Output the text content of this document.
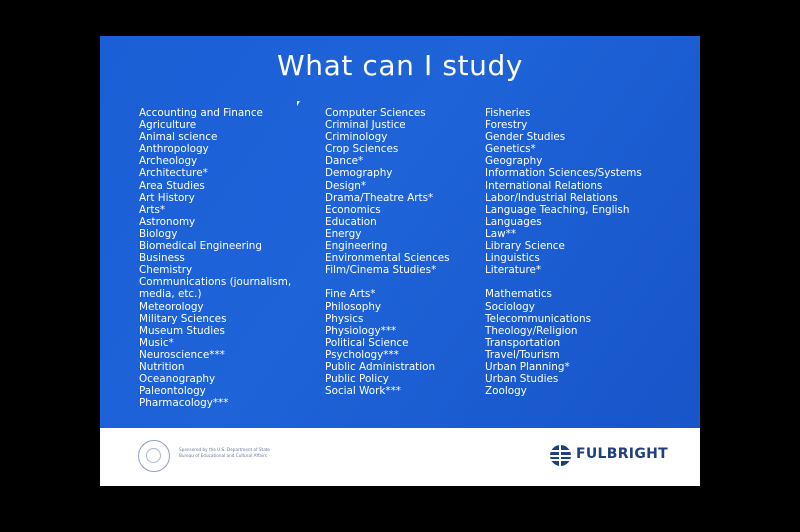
What can I study
Accounting and Finance
Agriculture
Animal science
Anthropology
Archeology
Architecture*
Area Studies
Art History
Arts*
Astronomy
Biology
Biomedical Engineering
Business
Chemistry
Communications (journalism,
media, etc.)
Meteorology
Military Sciences
Museum Studies
Music*
Neuroscience***
Nutrition
Oceanography
Paleontology
Pharmacology***
Computer Sciences
Criminal Justice
Criminology
Crop Sciences
Dance*
Demography
Design*
Drama/Theatre Arts*
Economics
Education
Energy
Engineering
Environmental Sciences
Film/Cinema Studies*
Fine Arts*
Philosophy
Physics
Physiology***
Political Science
Psychology***
Public Administration
Public Policy
Social Work***
Fisheries
Forestry
Gender Studies
Genetics*
Geography
Information Sciences/Systems
International Relations
Labor/Industrial Relations
Language Teaching, English
Languages
Law**
Library Science
Linguistics
Literature*
Mathematics
Sociology
Telecommunications
Theology/Religion
Transportation
Travel/Tourism
Urban Planning*
Urban Studies
Zoology
Sponsored by the U.S. Department of State
Bureau of Educational and Cultural Affairs	FULBRIGHT
